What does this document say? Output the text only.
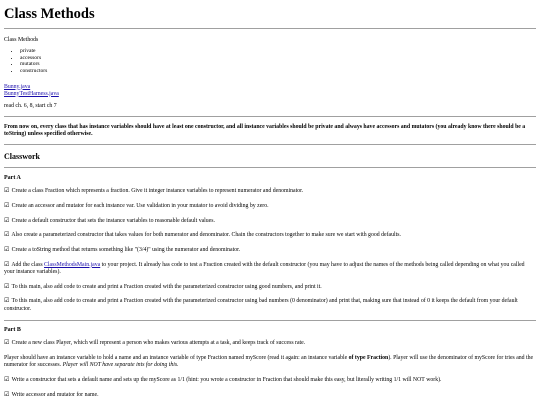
Class Methods

Class Methods

• private
• accessors
• mutators
• constructors
Bunny.java
BunnyTestHarness.java

read ch. 6, 8, start ch 7

From now on, every class that has instance variables should have at least one constructor, and all instance variables should be private and always have accessors and mutators (you already know there should be a toString) unless specified otherwise.

Classwork
Part A

☑ Create a class Fraction which represents a fraction. Give it integer instance variables to represent numerator and denominator.

☑ Create an accessor and mutator for each instance var. Use validation in your mutator to avoid dividing by zero.

☑ Create a default constructor that sets the instance variables to reasonable default values.

☑ Also create a parameterized constructor that takes values for both numerator and denominator. Chain the constructors together to make sure we start with good defaults.

☑ Create a toString method that returns something like "(3/4)" using the numerator and denominator.

☑ Add the class ClassMethodsMain.java to your project. It already has code to test a Fraction created with the default constructor (you may have to adjust the names of the methods being called depending on what you called your instance variables).

☑ To this main, also add code to create and print a Fraction created with the parameterized constructor using good numbers, and print it.

☑ To this main, also add code to create and print a Fraction created with the parameterized constructor using bad numbers (0 denominator) and print that, making sure that instead of 0 it keeps the default from your default constructor.

Part B

☑ Create a new class Player, which will represent a person who makes various attempts at a task, and keeps track of success rate.

Player should have an instance variable to hold a name and an instance variable of type Fraction named myScore (read it again: an instance variable of type Fraction). Player will use the denominator of myScore for tries and the numerator for successes. Player will NOT have separate ints for doing this.

☑ Write a constructor that sets a default name and sets up the myScore as 1/1 (hint: you wrote a constructor in Fraction that should make this easy, but literally writing 1/1 will NOT work).

☑ Write accessor and mutator for name.
